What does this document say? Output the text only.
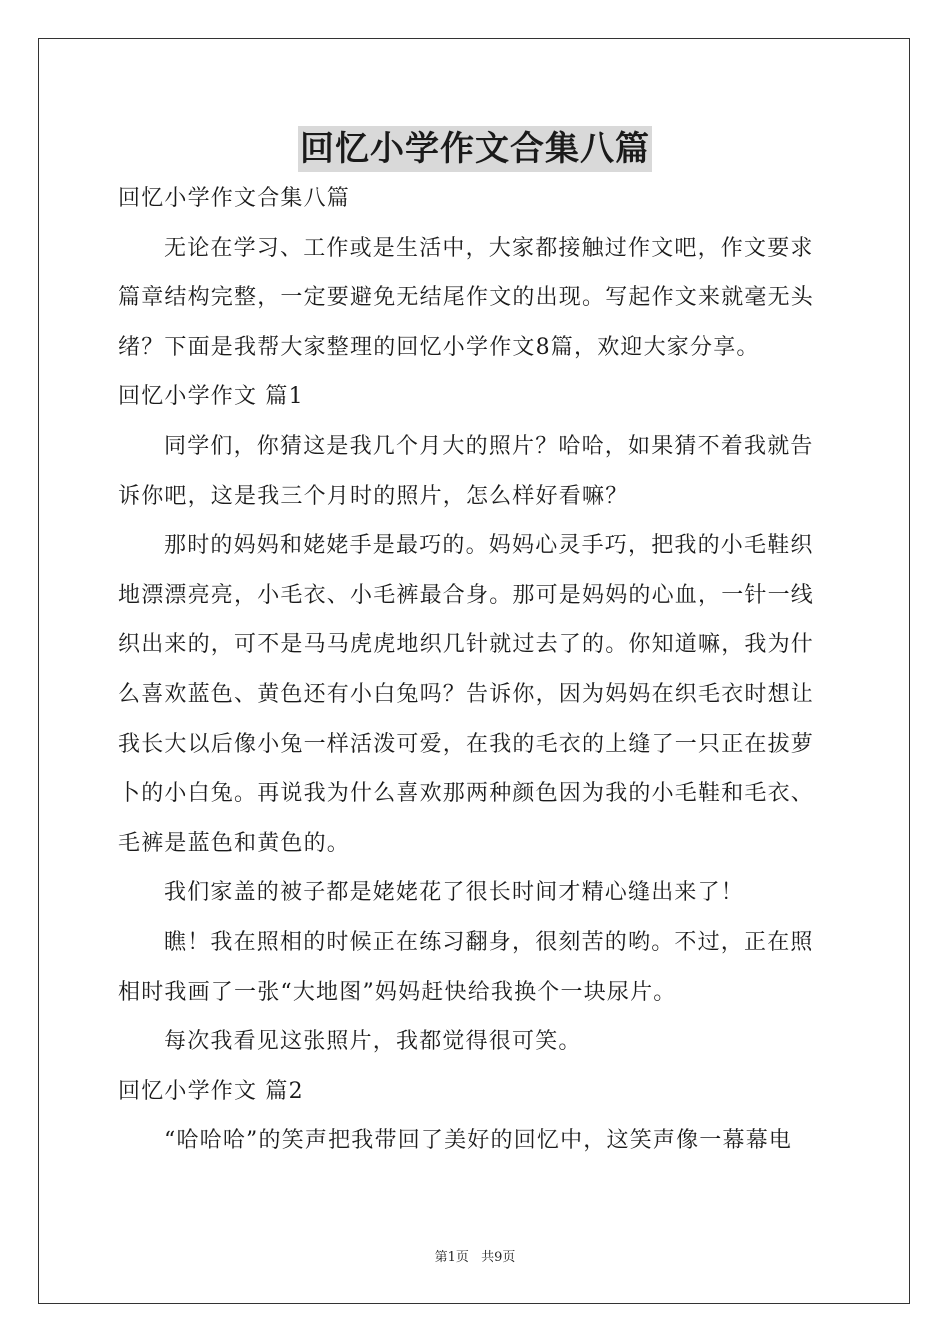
回忆小学作文合集八篇
回忆小学作文合集八篇
无论在学习、工作或是生活中，大家都接触过作文吧，作文要求
篇章结构完整，一定要避免无结尾作文的出现。写起作文来就毫无头
绪？下面是我帮大家整理的回忆小学作文8篇，欢迎大家分享。
回忆小学作文 篇1
同学们，你猜这是我几个月大的照片？哈哈，如果猜不着我就告
诉你吧，这是我三个月时的照片，怎么样好看嘛？
那时的妈妈和姥姥手是最巧的。妈妈心灵手巧，把我的小毛鞋织
地漂漂亮亮，小毛衣、小毛裤最合身。那可是妈妈的心血，一针一线
织出来的，可不是马马虎虎地织几针就过去了的。你知道嘛，我为什
么喜欢蓝色、黄色还有小白兔吗？告诉你，因为妈妈在织毛衣时想让
我长大以后像小兔一样活泼可爱，在我的毛衣的上缝了一只正在拔萝
卜的小白兔。再说我为什么喜欢那两种颜色因为我的小毛鞋和毛衣、
毛裤是蓝色和黄色的。
我们家盖的被子都是姥姥花了很长时间才精心缝出来了！
瞧！我在照相的时候正在练习翻身，很刻苦的哟。不过，正在照
相时我画了一张“大地图”妈妈赶快给我换个一块尿片。
每次我看见这张照片，我都觉得很可笑。
回忆小学作文 篇2
“哈哈哈”的笑声把我带回了美好的回忆中，这笑声像一幕幕电
第1页 共9页
